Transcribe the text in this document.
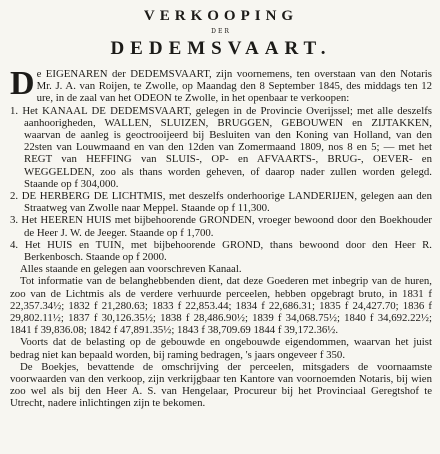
VERKOOPING
DER
DEDEMSVAART.

De EIGENAREN der DEDEMSVAART, zijn voornemens, ten overstaan van den Notaris Mr. J. A. van Roijen, te Zwolle, op Maandag den 8 September 1845, des middags ten 12 ure, in de zaal van het ODEON te Zwolle, in het openbaar te verkoopen:

1. Het KANAAL DE DEDEMSVAART, gelegen in de Provincie Overijssel; met alle deszelfs aanhoorigheden, WALLEN, SLUIZEN, BRUGGEN, GEBOUWEN en ZIJTAKKEN, waarvan de aanleg is geoctrooijeerd bij Besluiten van den Koning van Holland, van den 22sten van Louwmaand en van den 12den van Zomermaand 1809, nos 8 en 5; — met het REGT van HEFFING van SLUIS-, OP- en AFVAARTS-, BRUG-, OEVER- en WEGGELDEN, zoo als thans worden geheven, of daarop nader zullen worden gelegd. Staande op f 304,000.

2. DE HERBERG DE LICHTMIS, met deszelfs onderhoorige LANDERIJEN, gelegen aan den Straatweg van Zwolle naar Meppel. Staande op f 11,300.

3. Het HEEREN HUIS met bijbehoorende GRONDEN, vroeger bewoond door den Boekhouder de Heer J. W. de Jeeger. Staande op f 1,700.

4. Het HUIS en TUIN, met bijbehoorende GROND, thans bewoond door den Heer R. Berkenbosch. Staande op f 2000.

Alles staande en gelegen aan voorschreven Kanaal.

Tot informatie van de belanghebbenden dient, dat deze Goederen met inbegrip van de huren, zoo van de Lichtmis als de verdere verhuurde perceelen, hebben opgebragt bruto, in 1831 f 22,357.34½; 1832 f 21,280.63; 1833 f 22,853.44; 1834 f 22,686.31; 1835 f 24,427.70; 1836 f 29,802.11½; 1837 f 30,126.35½; 1838 f 28,486.90½; 1839 f 34,068.75½; 1840 f 34,692.22½; 1841 f 39,836.08; 1842 f 47,891.35½; 1843 f 38,709.69 1844 f 39,172.36½.

Voorts dat de belasting op de gebouwde en ongebouwde eigendommen, waarvan het juist bedrag niet kan bepaald worden, bij raming bedragen, 's jaars ongeveer f 350.

De Boekjes, bevattende de omschrijving der perceelen, mitsgaders de voornaamste voorwaarden van den verkoop, zijn verkrijgbaar ten Kantore van voornoemden Notaris, bij wien zoo wel als bij den Heer A. S. van Hengelaar, Procureur bij het Provinciaal Geregtshof te Utrecht, nadere inlichtingen zijn te bekomen.
